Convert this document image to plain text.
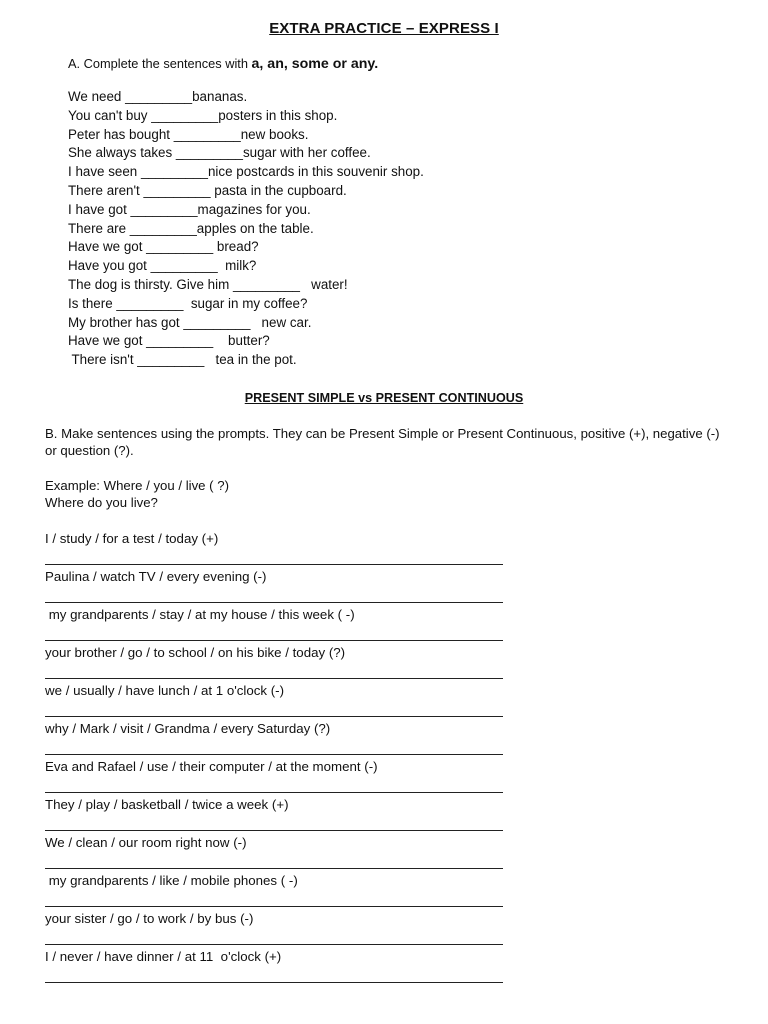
EXTRA PRACTICE – EXPRESS I
A. Complete the sentences with a, an, some or any.
We need _________bananas.
You can't buy _________posters in this shop.
Peter has bought _________new books.
She always takes _________sugar with her coffee.
I have seen _________nice postcards in this souvenir shop.
There aren't _________ pasta in the cupboard.
I have got _________magazines for you.
There are _________apples on the table.
Have we got _________ bread?
Have you got _________  milk?
The dog is thirsty. Give him _________   water!
Is there _________  sugar in my coffee?
My brother has got _________   new car.
Have we got _________    butter?
There isn't _________   tea in the pot.
PRESENT SIMPLE vs PRESENT CONTINUOUS
B. Make sentences using the prompts. They can be Present Simple or Present Continuous, positive (+), negative (-) or question (?).
Example: Where / you / live ( ?)
Where do you live?
I / study / for a test / today (+)
Paulina / watch TV / every evening (-)
my grandparents / stay / at my house / this week ( -)
your brother / go / to school / on his bike / today (?)
we / usually / have lunch / at 1 o'clock (-)
why / Mark / visit / Grandma / every Saturday (?)
Eva and Rafael / use / their computer / at the moment (-)
They / play / basketball / twice a week (+)
We / clean / our room right now (-)
my grandparents / like / mobile phones ( -)
your sister / go / to work / by bus (-)
I / never / have dinner / at 11  o'clock (+)
